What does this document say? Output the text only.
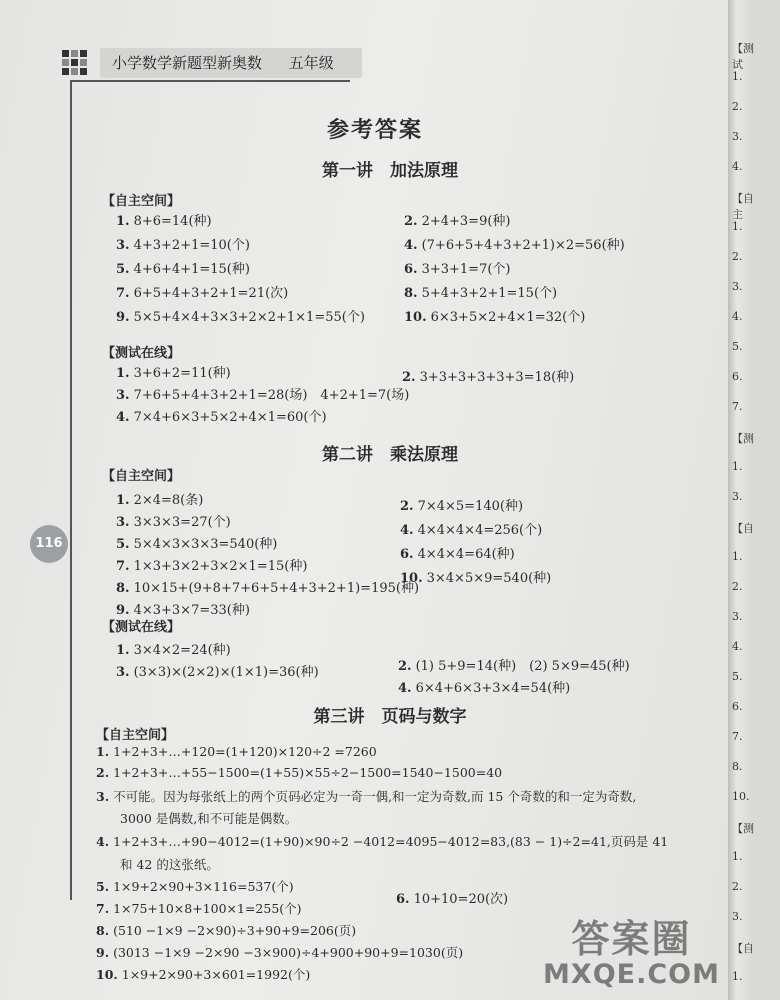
小学数学新题型新奥数 五年级
116
参考答案
第一讲　加法原理
【自主空间】
1. 8+6=14(种)
3. 4+3+2+1=10(个)
5. 4+6+4+1=15(种)
7. 6+5+4+3+2+1=21(次)
9. 5×5+4×4+3×3+2×2+1×1=55(个)
2. 2+4+3=9(种)
4. (7+6+5+4+3+2+1)×2=56(种)
6. 3+3+1=7(个)
8. 5+4+3+2+1=15(个)
10. 6×3+5×2+4×1=32(个)
【测试在线】
1. 3+6+2=11(种)
3. 7+6+5+4+3+2+1=28(场)　4+2+1=7(场)
4. 7×4+6×3+5×2+4×1=60(个)
2. 3+3+3+3+3+3=18(种)
第二讲　乘法原理
【自主空间】
1. 2×4=8(条)
3. 3×3×3=27(个)
5. 5×4×3×3×3=540(种)
7. 1×3+3×2+3×2×1=15(种)
8. 10×15+(9+8+7+6+5+4+3+2+1)=195(种)
9. 4×3+3×7=33(种)
2. 7×4×5=140(种)
4. 4×4×4×4=256(个)
6. 4×4×4=64(种)
10. 3×4×5×9=540(种)
【测试在线】
1. 3×4×2=24(种)
3. (3×3)×(2×2)×(1×1)=36(种)	2. (1) 5+9=14(种)　(2) 5×9=45(种)
4. 6×4+6×3+3×4=54(种)
第三讲　页码与数字
【自主空间】
1. 1+2+3+…+120=(1+120)×120÷2 =7260
2. 1+2+3+…+55−1500=(1+55)×55÷2−1500=1540−1500=40
3. 不可能。因为每张纸上的两个页码必定为一奇一偶,和一定为奇数,而 15 个奇数的和一定为奇数,
3000 是偶数,和不可能是偶数。
4. 1+2+3+…+90−4012=(1+90)×90÷2 −4012=4095−4012=83,(83 − 1)÷2=41,页码是 41
和 42 的这张纸。
5. 1×9+2×90+3×116=537(个)
7. 1×75+10×8+100×1=255(个)
8. (510 −1×9 −2×90)÷3+90+9=206(页)
9. (3013 −1×9 −2×90 −3×900)÷4+900+90+9=1030(页)
10. 1×9+2×90+3×601=1992(个)
6. 10+10=20(次)
答案圈
MXQE.COM
【测试
1.
2.
3.
4.
【自主
1.
2.
3.
4.
5.
6.
7.
【测
1.
3.
【自
1.
2.
3.
4.
5.
6.
7.
8.
10.
【测
1.
2.
3.
【自
1.
